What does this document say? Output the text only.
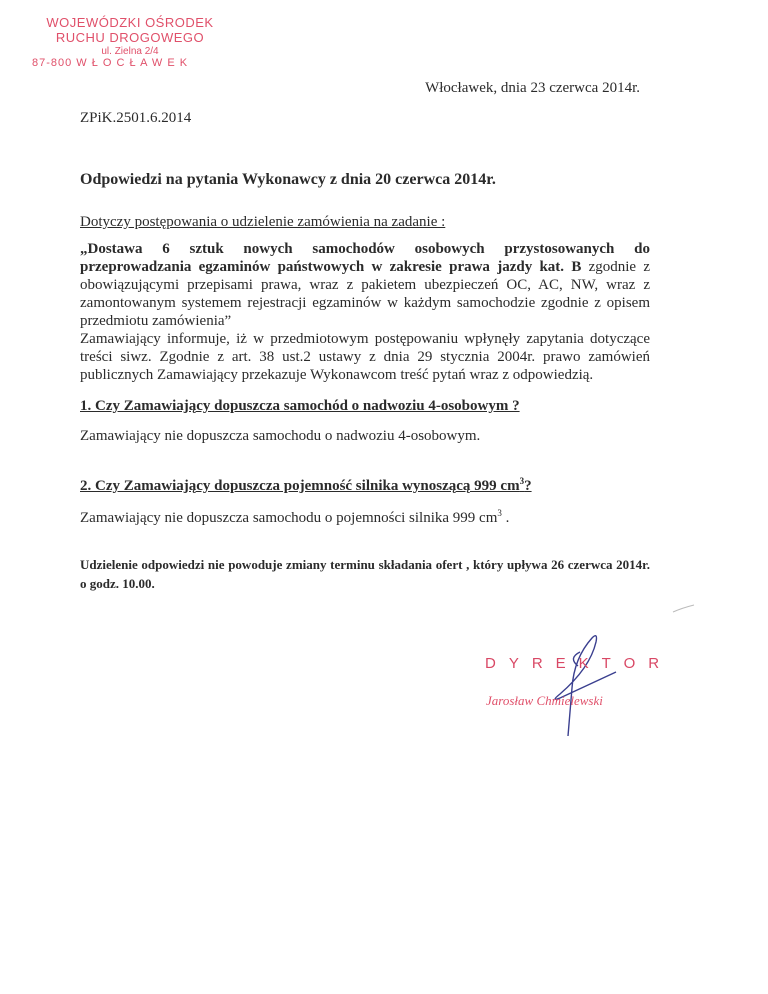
WOJEWÓDZKI OŚRODEK
RUCHU DROGOWEGO
ul. Zielna 2/4
87-800 W Ł O C Ł A W E K
Włocławek, dnia 23 czerwca 2014r.
ZPiK.2501.6.2014
Odpowiedzi na pytania Wykonawcy z dnia 20 czerwca 2014r.
Dotyczy postępowania o udzielenie zamówienia na zadanie :
„Dostawa 6 sztuk nowych samochodów osobowych przystosowanych do przeprowadzania egzaminów państwowych w zakresie prawa jazdy kat. B zgodnie z obowiązującymi przepisami prawa, wraz z pakietem ubezpieczeń OC, AC, NW, wraz z zamontowanym systemem rejestracji egzaminów w każdym samochodzie zgodnie z opisem przedmiotu zamówienia”
Zamawiający informuje, iż w przedmiotowym postępowaniu wpłynęły zapytania dotyczące treści siwz. Zgodnie z art. 38 ust.2 ustawy z dnia 29 stycznia 2004r. prawo zamówień publicznych Zamawiający przekazuje Wykonawcom treść pytań wraz z odpowiedzią.
1. Czy Zamawiający dopuszcza samochód o nadwoziu 4-osobowym ?
Zamawiający nie dopuszcza samochodu o nadwoziu 4-osobowym.
2. Czy Zamawiający dopuszcza pojemność silnika wynoszącą 999 $cm^3$?
Zamawiający nie dopuszcza samochodu o pojemności silnika 999 $cm^3$ .
Udzielenie odpowiedzi nie powoduje zmiany terminu składania ofert , który upływa 26 czerwca 2014r. o godz. 10.00.
DYREKTOR
Jarosław Chmielewski
